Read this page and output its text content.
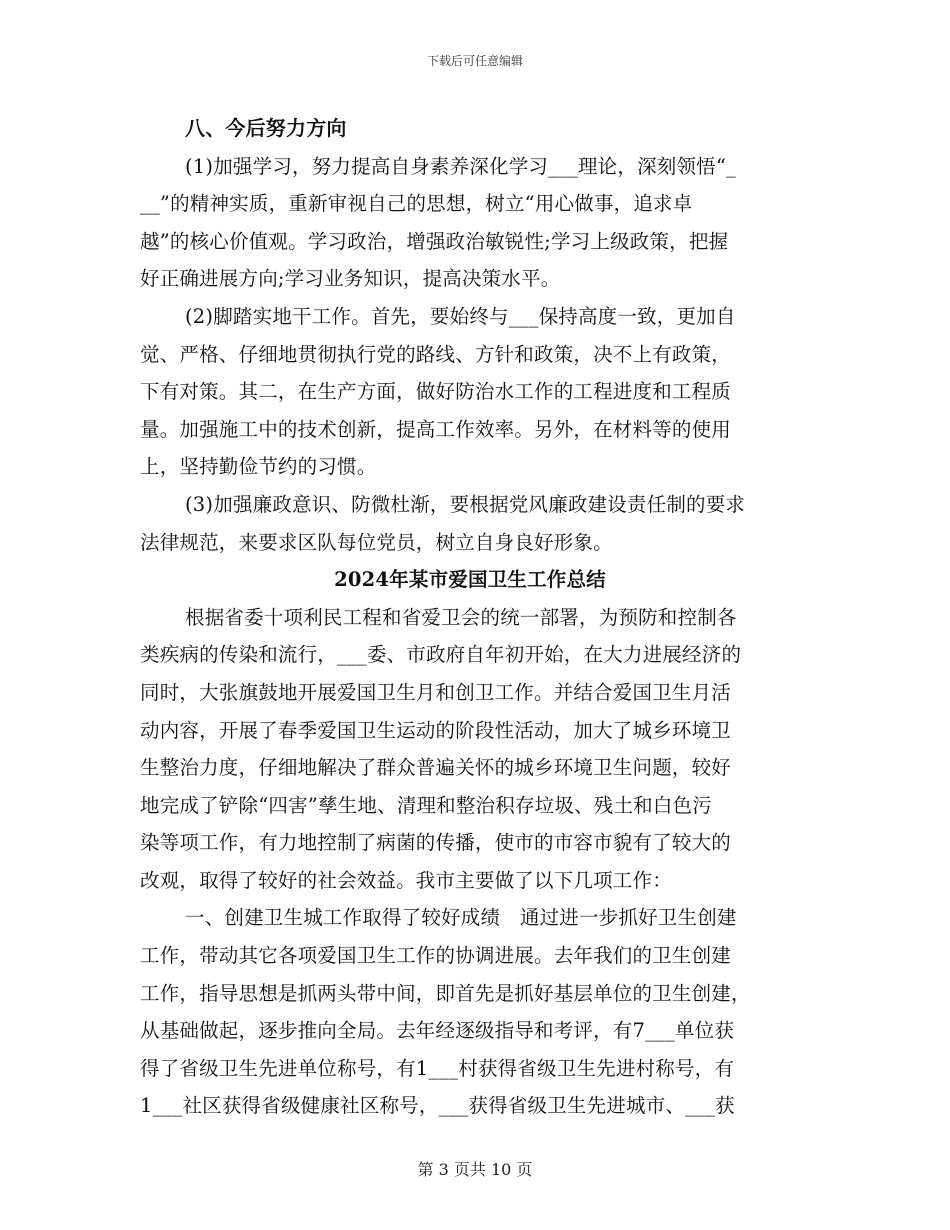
下载后可任意编辑
八、今后努力方向
(1)加强学习，努力提高自身素养深化学习___理论，深刻领悟“_
__”的精神实质，重新审视自己的思想，树立“用心做事，追求卓
越”的核心价值观。学习政治，增强政治敏锐性;学习上级政策，把握
好正确进展方向;学习业务知识，提高决策水平。
(2)脚踏实地干工作。首先，要始终与___保持高度一致，更加自
觉、严格、仔细地贯彻执行党的路线、方针和政策，决不上有政策，
下有对策。其二，在生产方面，做好防治水工作的工程进度和工程质
量。加强施工中的技术创新，提高工作效率。另外，在材料等的使用
上，坚持勤俭节约的习惯。
(3)加强廉政意识、防微杜渐，要根据党风廉政建设责任制的要求
法律规范，来要求区队每位党员，树立自身良好形象。
2024年某市爱国卫生工作总结
根据省委十项利民工程和省爱卫会的统一部署，为预防和控制各
类疾病的传染和流行，___委、市政府自年初开始，在大力进展经济的
同时，大张旗鼓地开展爱国卫生月和创卫工作。并结合爱国卫生月活
动内容，开展了春季爱国卫生运动的阶段性活动，加大了城乡环境卫
生整治力度，仔细地解决了群众普遍关怀的城乡环境卫生问题，较好
地完成了铲除“四害”孳生地、清理和整治积存垃圾、残土和白色污
染等项工作，有力地控制了病菌的传播，使市的市容市貌有了较大的
改观，取得了较好的社会效益。我市主要做了以下几项工作：
一、创建卫生城工作取得了较好成绩　通过进一步抓好卫生创建
工作，带动其它各项爱国卫生工作的协调进展。去年我们的卫生创建
工作，指导思想是抓两头带中间，即首先是抓好基层单位的卫生创建，
从基础做起，逐步推向全局。去年经逐级指导和考评，有7___单位获
得了省级卫生先进单位称号，有1___村获得省级卫生先进村称号，有
1___社区获得省级健康社区称号，___获得省级卫生先进城市、___获
第 3 页共 10 页
